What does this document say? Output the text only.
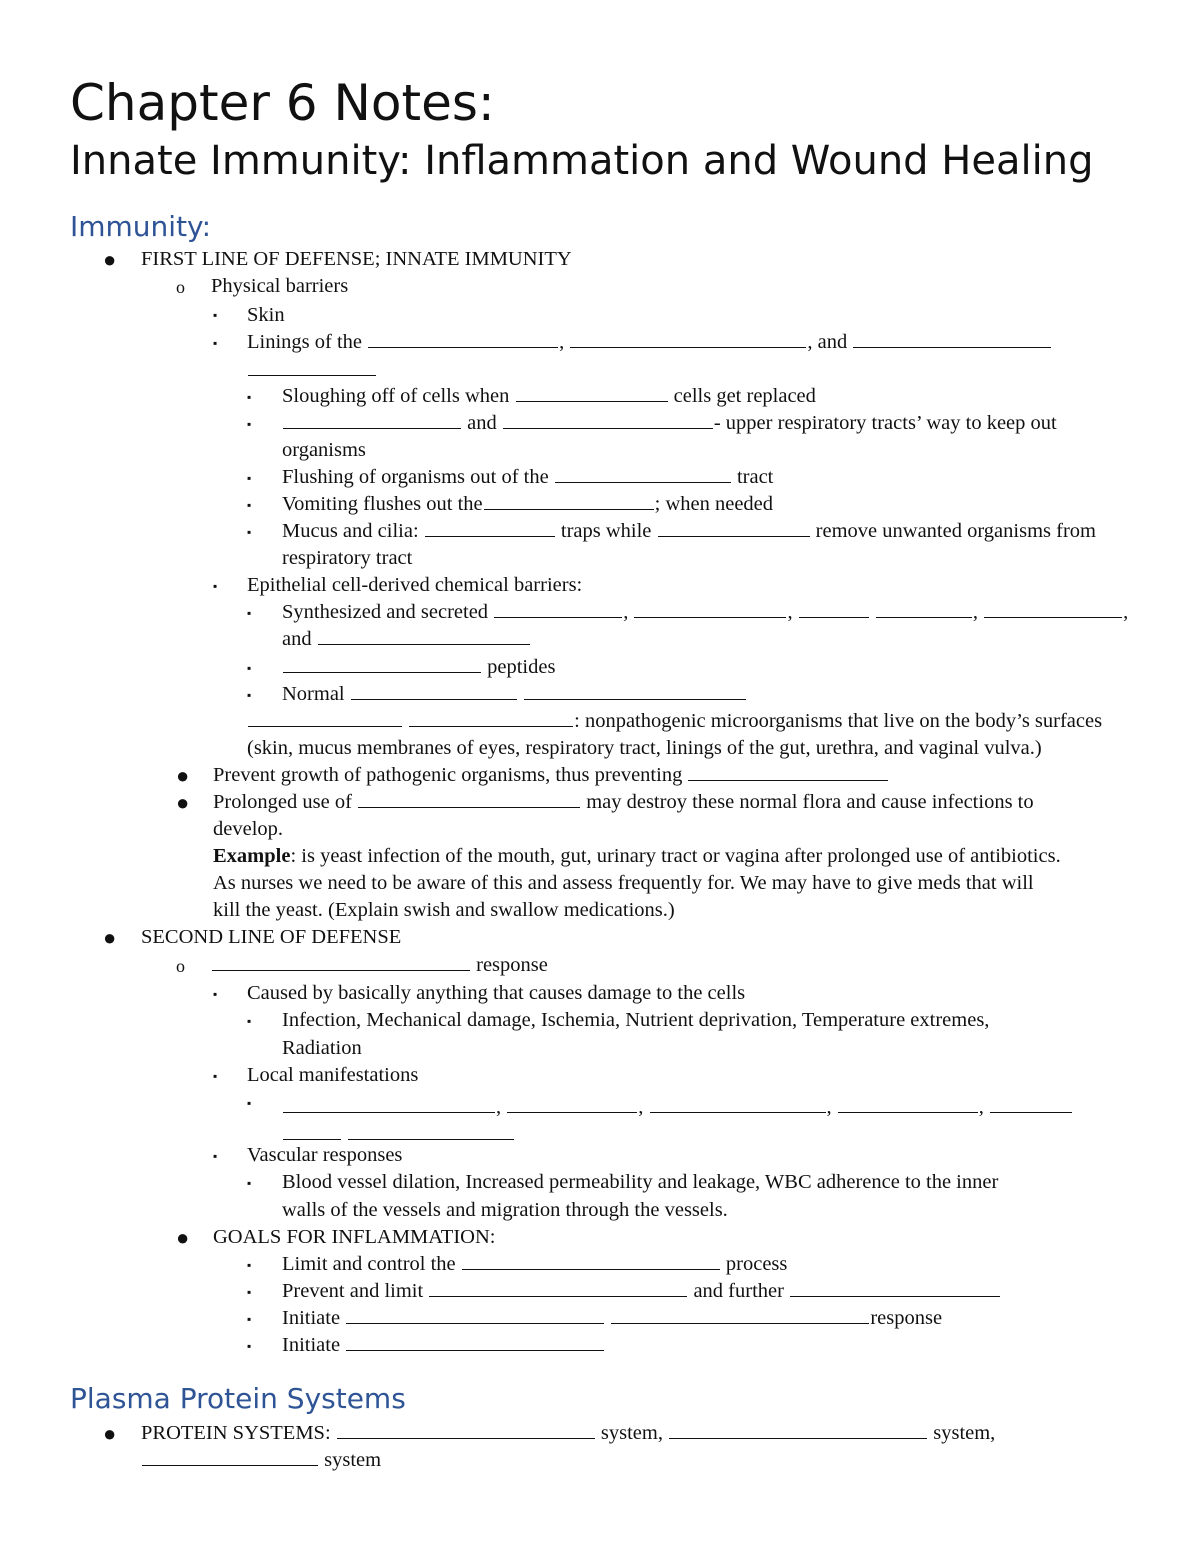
Chapter 6 Notes:
Innate Immunity: Inflammation and Wound Healing
Immunity:
● FIRST LINE OF DEFENSE; INNATE IMMUNITY
o Physical barriers
▪ Skin
▪ Linings of the	,	, and
▪ Sloughing off of cells when	cells get replaced
▪	and	- upper respiratory tracts’ way to keep out
organisms
▪ Flushing of organisms out of the	tract
▪ Vomiting flushes out the	; when needed
▪ Mucus and cilia:	traps while	remove unwanted organisms from
respiratory tract
▪ Epithelial cell-derived chemical barriers:
▪ Synthesized and secreted	,	,	,	,
and
▪	peptides
▪ Normal
: nonpathogenic microorganisms that live on the body’s surfaces
(skin, mucus membranes of eyes, respiratory tract, linings of the gut, urethra, and vaginal vulva.)
● Prevent growth of pathogenic organisms, thus preventing
● Prolonged use of	may destroy these normal flora and cause infections to
develop.
Example: is yeast infection of the mouth, gut, urinary tract or vagina after prolonged use of antibiotics.
As nurses we need to be aware of this and assess frequently for. We may have to give meds that will
kill the yeast. (Explain swish and swallow medications.)
● SECOND LINE OF DEFENSE
o	response
▪ Caused by basically anything that causes damage to the cells
▪ Infection, Mechanical damage, Ischemia, Nutrient deprivation, Temperature extremes,
Radiation
▪ Local manifestations
▪	,	,	,	,

▪ Vascular responses
▪ Blood vessel dilation, Increased permeability and leakage, WBC adherence to the inner
walls of the vessels and migration through the vessels.
● GOALS FOR INFLAMMATION:
▪ Limit and control the	process
▪ Prevent and limit	and further
▪ Initiate	response
▪ Initiate
Plasma Protein Systems
● PROTEIN SYSTEMS:	system,	system,
system
